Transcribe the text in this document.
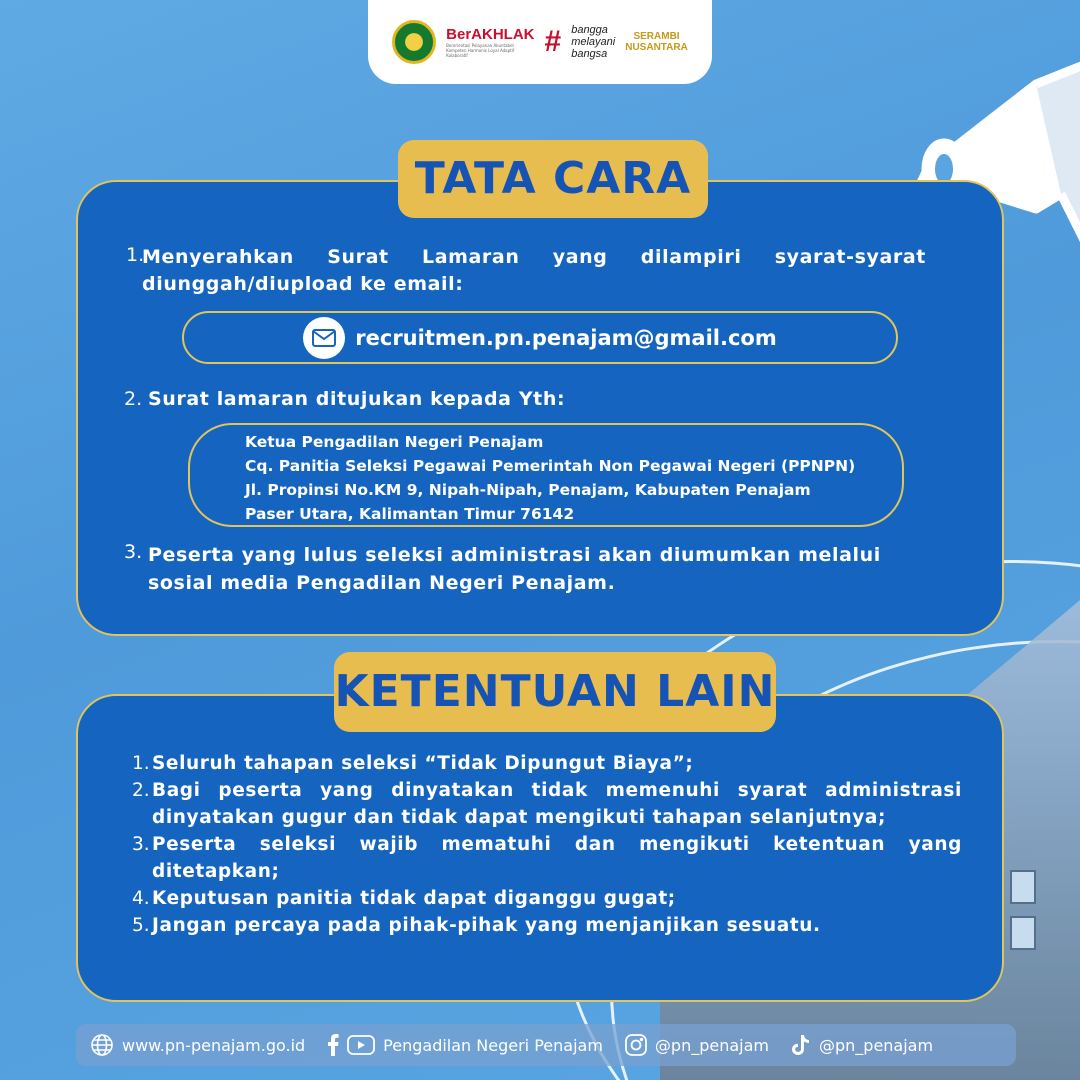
BerAKHLAK
Berorientasi Pelayanan Akuntabel Kompeten Harmonis Loyal Adaptif Kolaboratif	# bangga
melayani
bangsa
SERAMBI
NUSANTARA
TATA CARA
1.
Menyerahkan Surat Lamaran yang dilampiri syarat-syarat diunggah/diupload ke email:
recruitmen.pn.penajam@gmail.com
2. Surat lamaran ditujukan kepada Yth:
Ketua Pengadilan Negeri Penajam
Cq. Panitia Seleksi Pegawai Pemerintah Non Pegawai Negeri (PPNPN)
Jl. Propinsi No.KM 9, Nipah-Nipah, Penajam, Kabupaten Penajam
Paser Utara, Kalimantan Timur 76142
3. Peserta yang lulus seleksi administrasi akan diumumkan melalui sosial media Pengadilan Negeri Penajam.
KETENTUAN LAIN
1. Seluruh tahapan seleksi “Tidak Dipungut Biaya”;
2. Bagi peserta yang dinyatakan tidak memenuhi syarat administrasi dinyatakan gugur dan tidak dapat mengikuti tahapan selanjutnya;
3. Peserta seleksi wajib mematuhi dan mengikuti ketentuan yang ditetapkan;
4. Keputusan panitia tidak dapat diganggu gugat;
5. Jangan percaya pada pihak-pihak yang menjanjikan sesuatu.
www.pn-penajam.go.id	Pengadilan Negeri Penajam	@pn_penajam	@pn_penajam
